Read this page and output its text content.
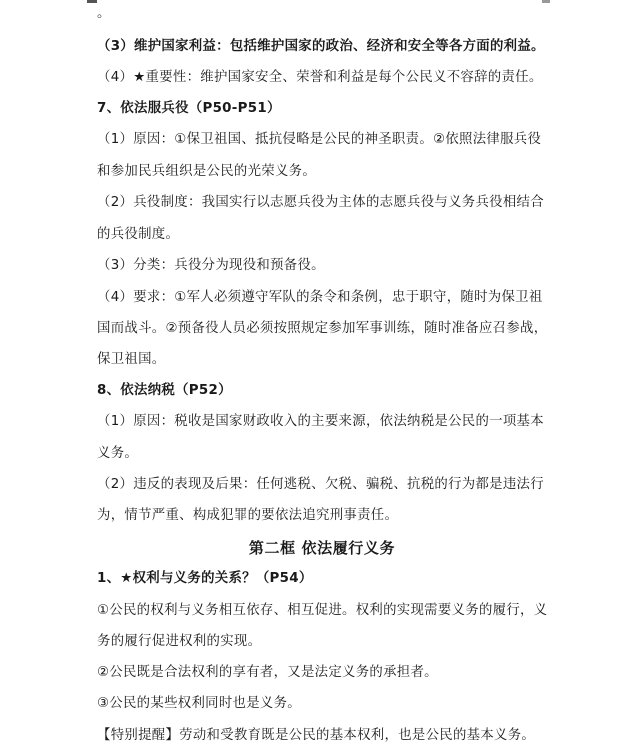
。
（3）维护国家利益：包括维护国家的政治、经济和安全等各方面的利益。
（4）★重要性：维护国家安全、荣誉和利益是每个公民义不容辞的责任。
7、依法服兵役（P50-P51）
（1）原因：①保卫祖国、抵抗侵略是公民的神圣职责。②依照法律服兵役
和参加民兵组织是公民的光荣义务。
（2）兵役制度：我国实行以志愿兵役为主体的志愿兵役与义务兵役相结合
的兵役制度。
（3）分类：兵役分为现役和预备役。
（4）要求：①军人必须遵守军队的条令和条例，忠于职守，随时为保卫祖
国而战斗。②预备役人员必须按照规定参加军事训练，随时准备应召参战，
保卫祖国。
8、依法纳税（P52）
（1）原因：税收是国家财政收入的主要来源，依法纳税是公民的一项基本
义务。
（2）违反的表现及后果：任何逃税、欠税、骗税、抗税的行为都是违法行
为，情节严重、构成犯罪的要依法追究刑事责任。
第二框 依法履行义务
1、★权利与义务的关系？（P54）
①公民的权利与义务相互依存、相互促进。权利的实现需要义务的履行，义
务的履行促进权利的实现。
②公民既是合法权利的享有者，又是法定义务的承担者。
③公民的某些权利同时也是义务。
【特别提醒】劳动和受教育既是公民的基本权利，也是公民的基本义务。
